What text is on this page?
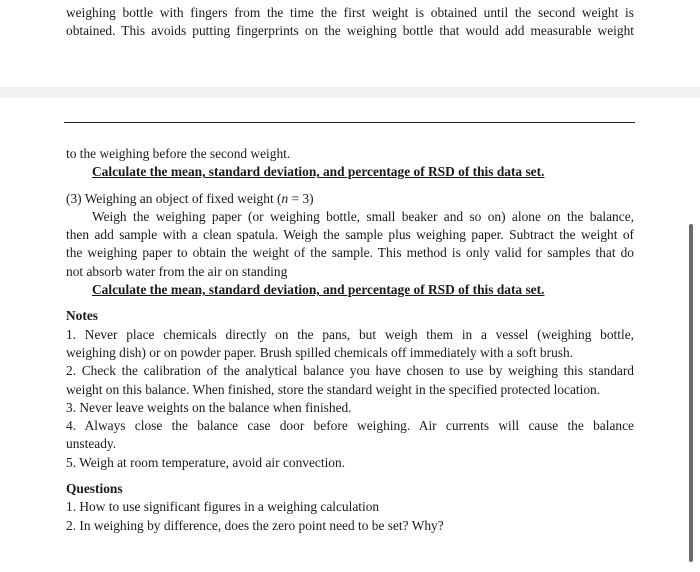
weighing bottle with fingers from the time the first weight is obtained until the second weight is
obtained. This avoids putting fingerprints on the weighing bottle that would add measurable weight
to the weighing before the second weight.
Calculate the mean, standard deviation, and percentage of RSD of this data set.
(3) Weighing an object of fixed weight (n = 3)
Weigh the weighing paper (or weighing bottle, small beaker and so on) alone on the balance,
then add sample with a clean spatula. Weigh the sample plus weighing paper. Subtract the weight of
the weighing paper to obtain the weight of the sample. This method is only valid for samples that do
not absorb water from the air on standing
Calculate the mean, standard deviation, and percentage of RSD of this data set.
Notes
1. Never place chemicals directly on the pans, but weigh them in a vessel (weighing bottle,
weighing dish) or on powder paper. Brush spilled chemicals off immediately with a soft brush.
2. Check the calibration of the analytical balance you have chosen to use by weighing this standard
weight on this balance. When finished, store the standard weight in the specified protected location.
3. Never leave weights on the balance when finished.
4. Always close the balance case door before weighing. Air currents will cause the balance
unsteady.
5. Weigh at room temperature, avoid air convection.
Questions
1. How to use significant figures in a weighing calculation
2. In weighing by difference, does the zero point need to be set? Why?
